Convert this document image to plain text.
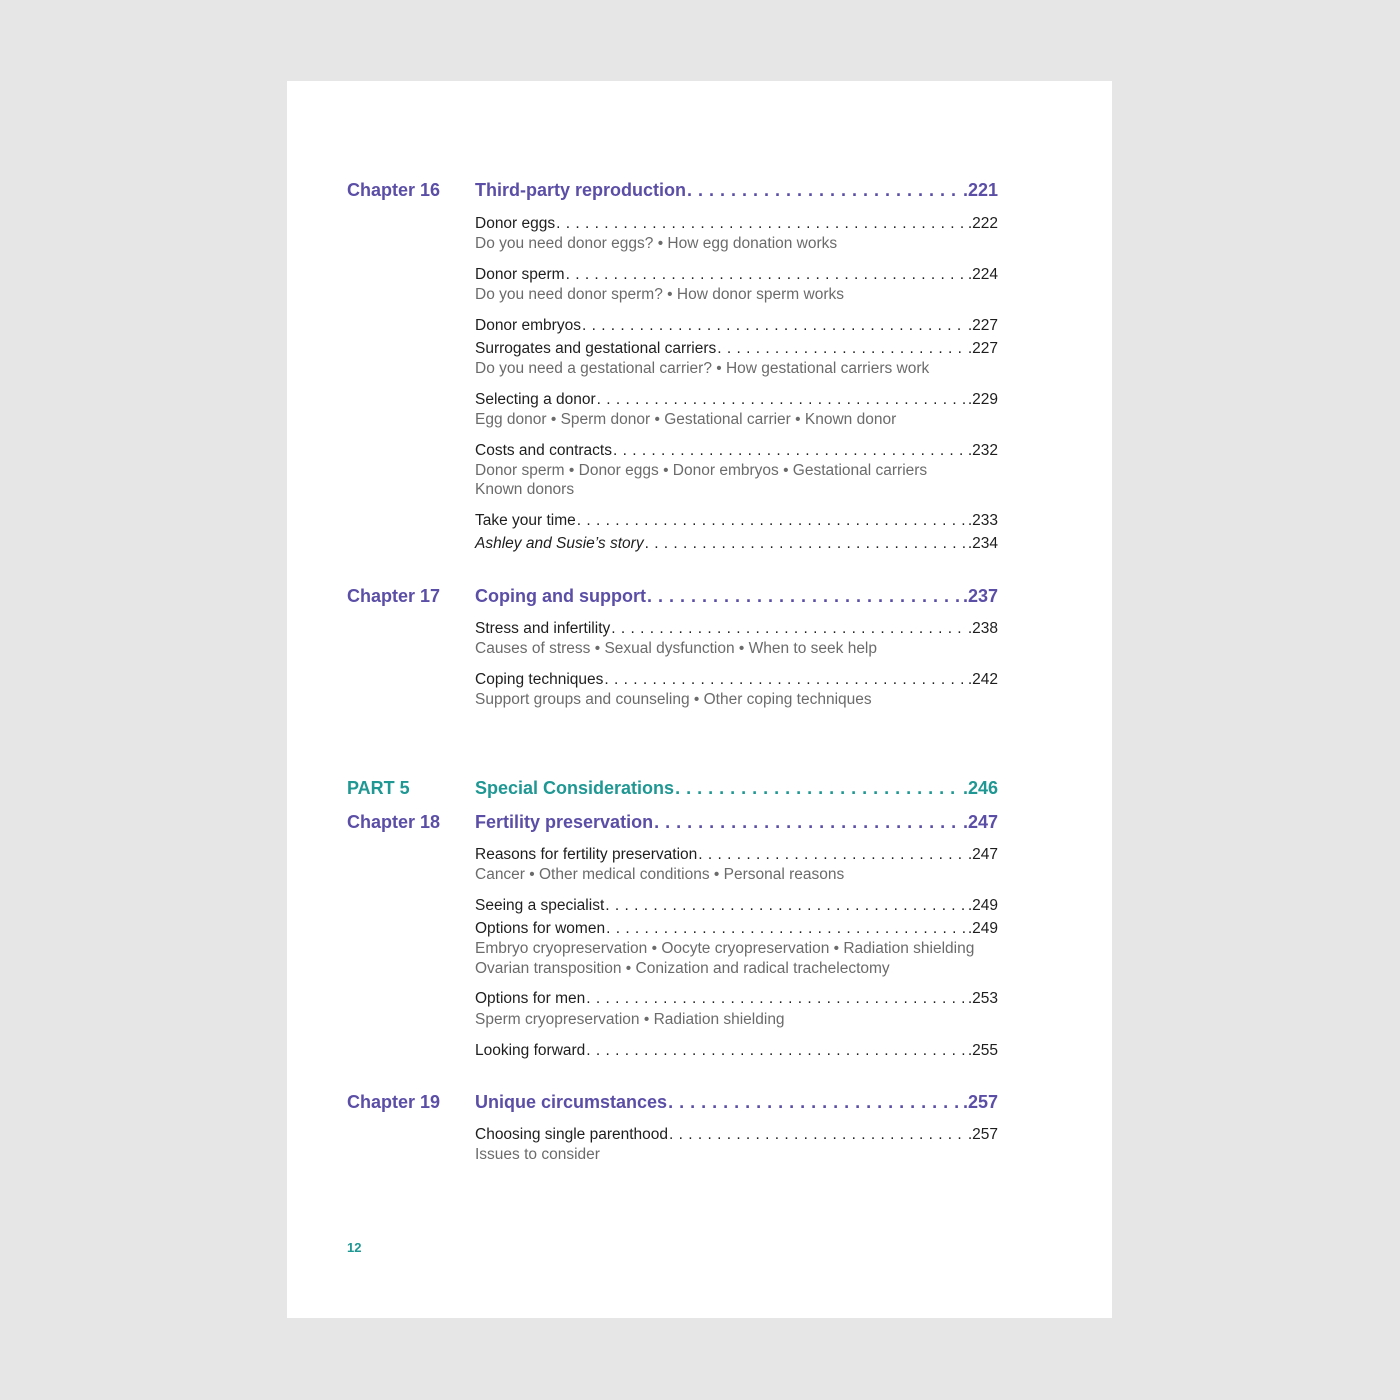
Chapter 16 Third-party reproduction . . .	.221
Donor eggs . . .	.222
Do you need donor eggs? • How egg donation works
Donor sperm . . .	.224
Do you need donor sperm? • How donor sperm works
Donor embryos . . .	.227
Surrogates and gestational carriers . . .	.227
Do you need a gestational carrier? • How gestational carriers work
Selecting a donor . . .	.229
Egg donor • Sperm donor • Gestational carrier • Known donor
Costs and contracts . . .	.232
Donor sperm • Donor eggs • Donor embryos • Gestational carriers
Known donors
Take your time . . .	.233
Ashley and Susie’s story . . .	.234
Chapter 17 Coping and support . . .	.237
Stress and infertility . . .	.238
Causes of stress • Sexual dysfunction • When to seek help
Coping techniques . . .	.242
Support groups and counseling • Other coping techniques
PART 5	Special Considerations . . .	.246
Chapter 18 Fertility preservation . . .	.247
Reasons for fertility preservation . . .	.247
Cancer • Other medical conditions • Personal reasons
Seeing a specialist . . .	.249
Options for women . . .	.249
Embryo cryopreservation • Oocyte cryopreservation • Radiation shielding
Ovarian transposition • Conization and radical trachelectomy
Options for men . . .	.253
Sperm cryopreservation • Radiation shielding
Looking forward . . .	.255
Chapter 19 Unique circumstances . . .	.257
Choosing single parenthood . . .	.257
Issues to consider
12
